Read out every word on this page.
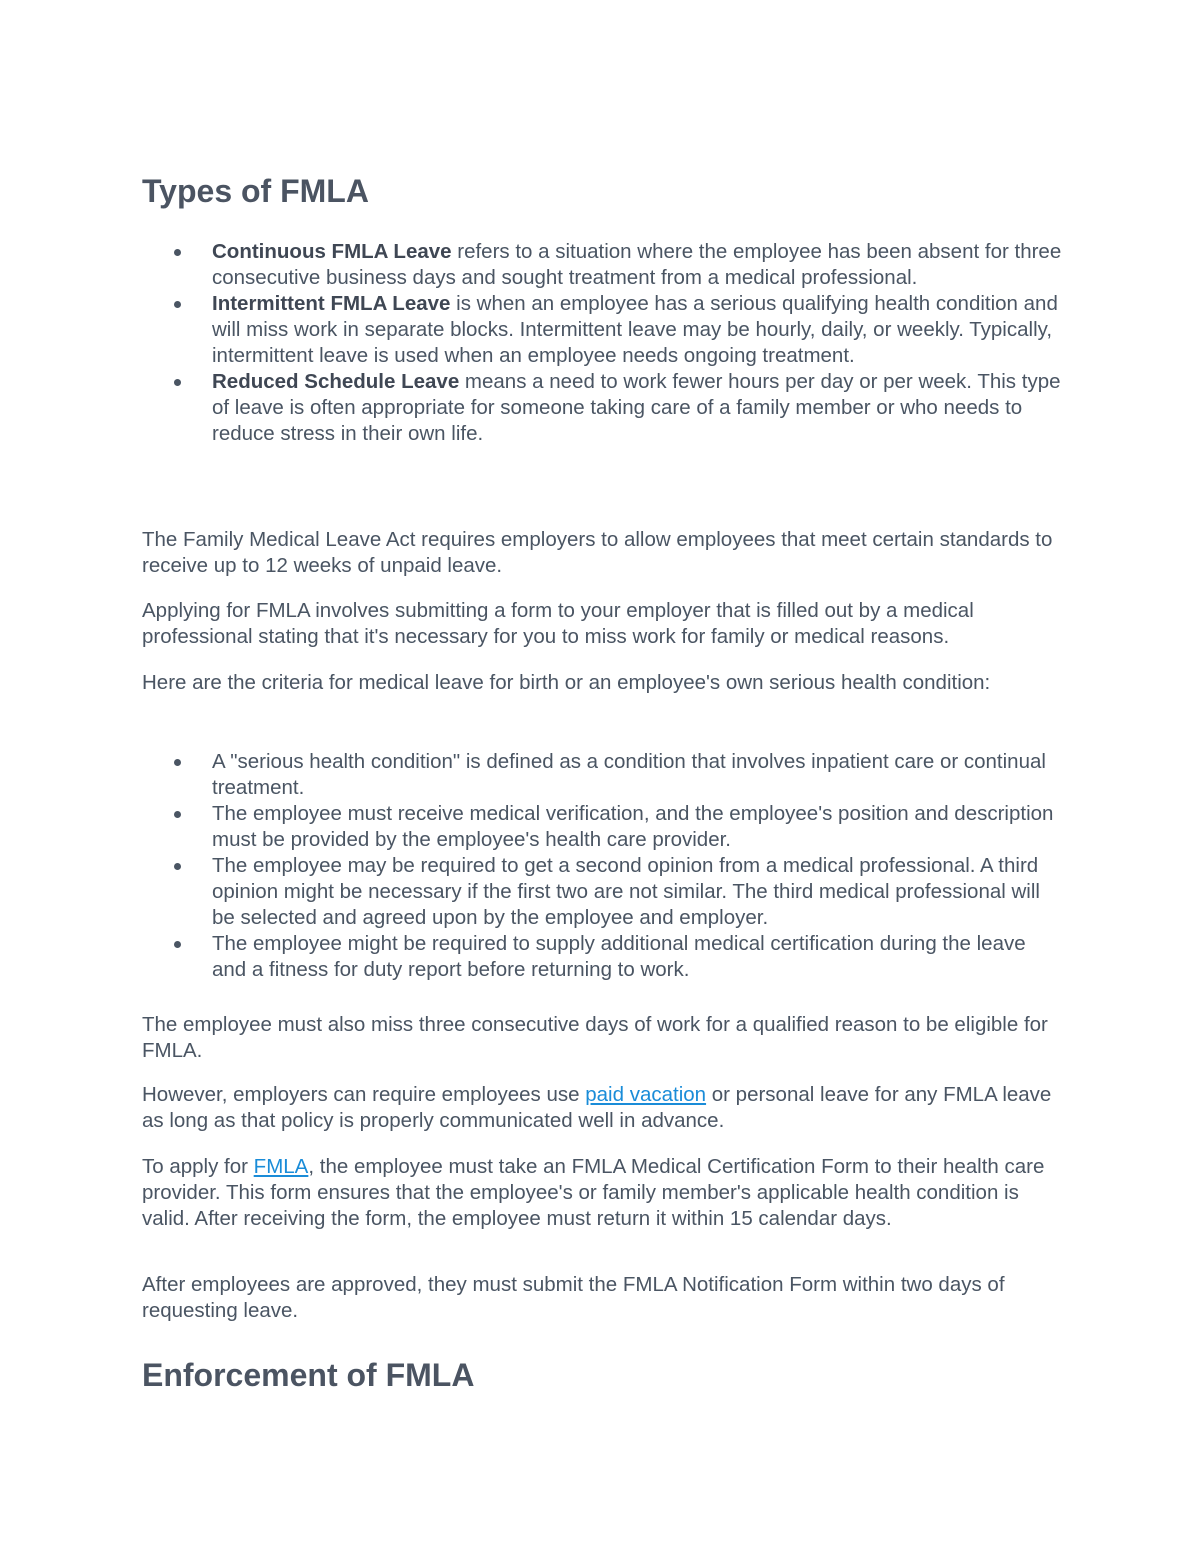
Types of FMLA
Continuous FMLA Leave refers to a situation where the employee has been absent for three consecutive business days and sought treatment from a medical professional.
Intermittent FMLA Leave is when an employee has a serious qualifying health condition and will miss work in separate blocks. Intermittent leave may be hourly, daily, or weekly. Typically, intermittent leave is used when an employee needs ongoing treatment.
Reduced Schedule Leave means a need to work fewer hours per day or per week. This type of leave is often appropriate for someone taking care of a family member or who needs to reduce stress in their own life.

The Family Medical Leave Act requires employers to allow employees that meet certain standards to receive up to 12 weeks of unpaid leave.

Applying for FMLA involves submitting a form to your employer that is filled out by a medical professional stating that it's necessary for you to miss work for family or medical reasons.

Here are the criteria for medical leave for birth or an employee's own serious health condition:

A "serious health condition" is defined as a condition that involves inpatient care or continual treatment.
The employee must receive medical verification, and the employee's position and description must be provided by the employee's health care provider.
The employee may be required to get a second opinion from a medical professional. A third opinion might be necessary if the first two are not similar. The third medical professional will be selected and agreed upon by the employee and employer.
The employee might be required to supply additional medical certification during the leave and a fitness for duty report before returning to work.

The employee must also miss three consecutive days of work for a qualified reason to be eligible for FMLA.

However, employers can require employees use paid vacation or personal leave for any FMLA leave as long as that policy is properly communicated well in advance.

To apply for FMLA, the employee must take an FMLA Medical Certification Form to their health care provider. This form ensures that the employee's or family member's applicable health condition is valid. After receiving the form, the employee must return it within 15 calendar days.

After employees are approved, they must submit the FMLA Notification Form within two days of requesting leave.

Enforcement of FMLA
